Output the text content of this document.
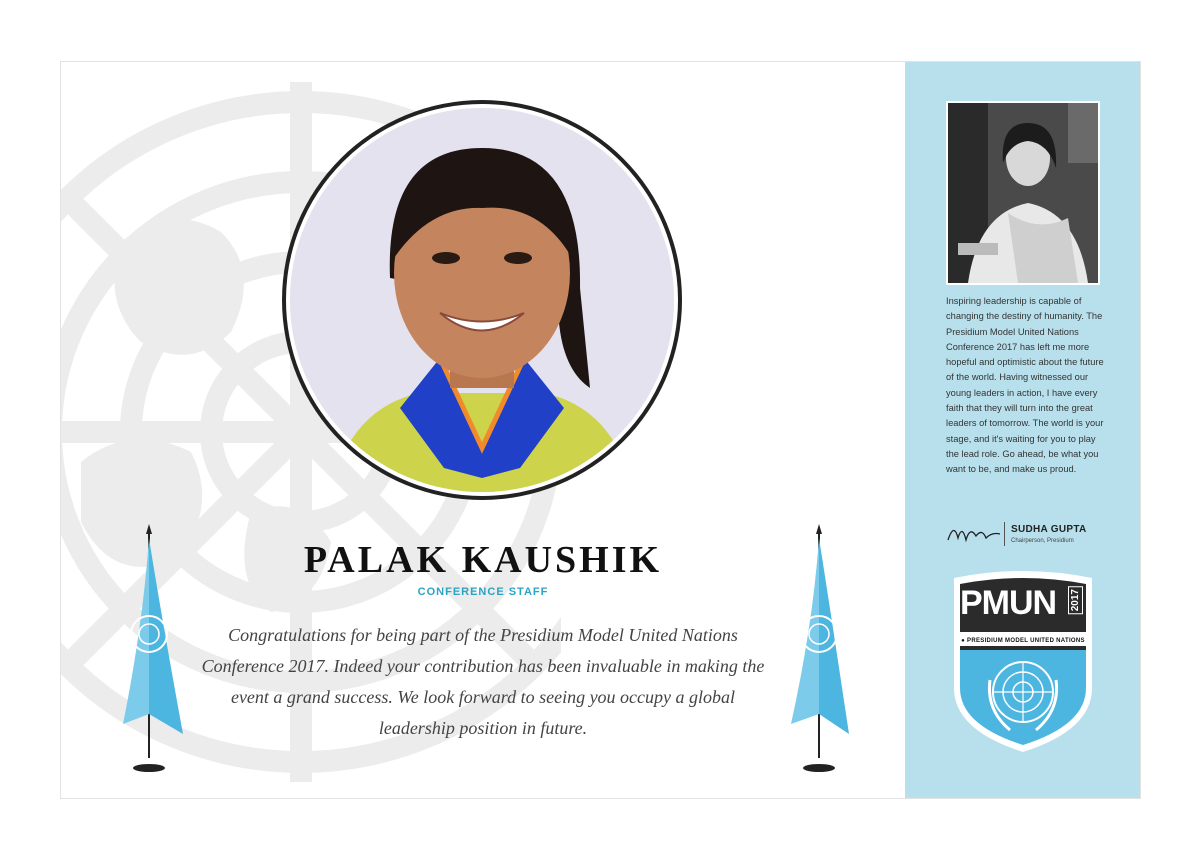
PALAK KAUSHIK
CONFERENCE STAFF
Congratulations for being part of the Presidium Model United Nations Conference 2017. Indeed your contribution has been invaluable in making the event a grand success. We look forward to seeing you occupy a global leadership position in future.
Inspiring leadership is capable of changing the destiny of humanity. The Presidium Model United Nations Conference 2017 has left me more hopeful and optimistic about the future of the world. Having witnessed our young leaders in action, I have every faith that they will turn into the great leaders of tomorrow. The world is your stage, and it's waiting for you to play the lead role. Go ahead, be what you want to be, and make us proud.
SUDHA GUPTA
Chairperson, Presidium
PMUN 2017
● PRESIDIUM MODEL UNITED NATIONS
